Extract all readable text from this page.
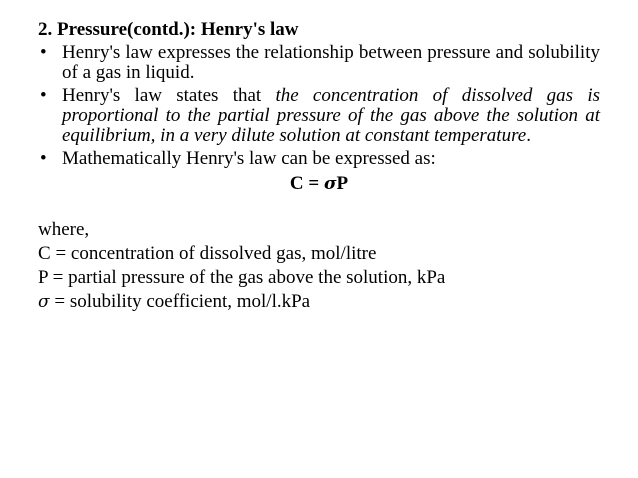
2. Pressure(contd.): Henry's law
• Henry's law expresses the relationship between pressure and solubility of a gas in liquid.
• Henry's law states that the concentration of dissolved gas is proportional to the partial pressure of the gas above the solution at equilibrium, in a very dilute solution at constant temperature.
• Mathematically Henry's law can be expressed as:
C = σP
where,
C = concentration of dissolved gas, mol/litre
P = partial pressure of the gas above the solution, kPa
σ = solubility coefficient, mol/l.kPa
